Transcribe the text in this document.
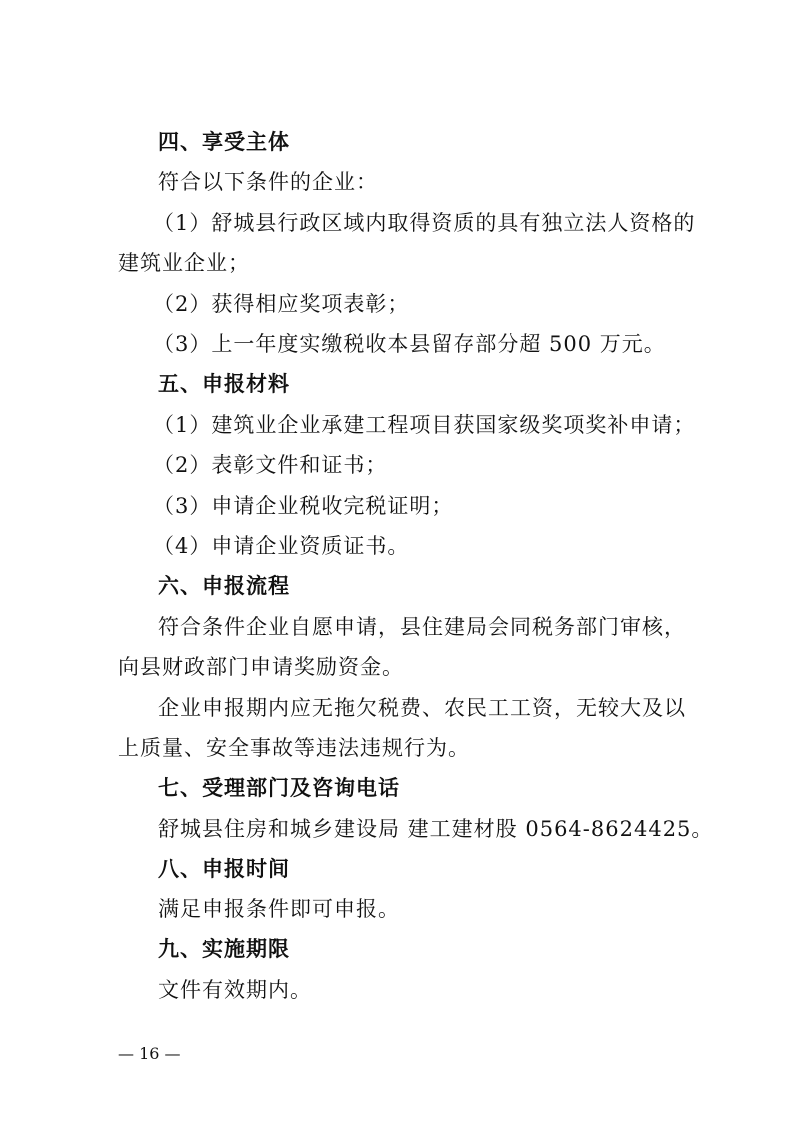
四、享受主体
符合以下条件的企业：
（1）舒城县行政区域内取得资质的具有独立法人资格的
建筑业企业；
（2）获得相应奖项表彰；
（3）上一年度实缴税收本县留存部分超 500 万元。
五、申报材料
（1）建筑业企业承建工程项目获国家级奖项奖补申请；
（2）表彰文件和证书；
（3）申请企业税收完税证明；
（4）申请企业资质证书。
六、申报流程
符合条件企业自愿申请，县住建局会同税务部门审核，
向县财政部门申请奖励资金。
企业申报期内应无拖欠税费、农民工工资，无较大及以
上质量、安全事故等违法违规行为。
七、受理部门及咨询电话
舒城县住房和城乡建设局 建工建材股 0564-8624425。
八、申报时间
满足申报条件即可申报。
九、实施期限
文件有效期内。
— 16 —
